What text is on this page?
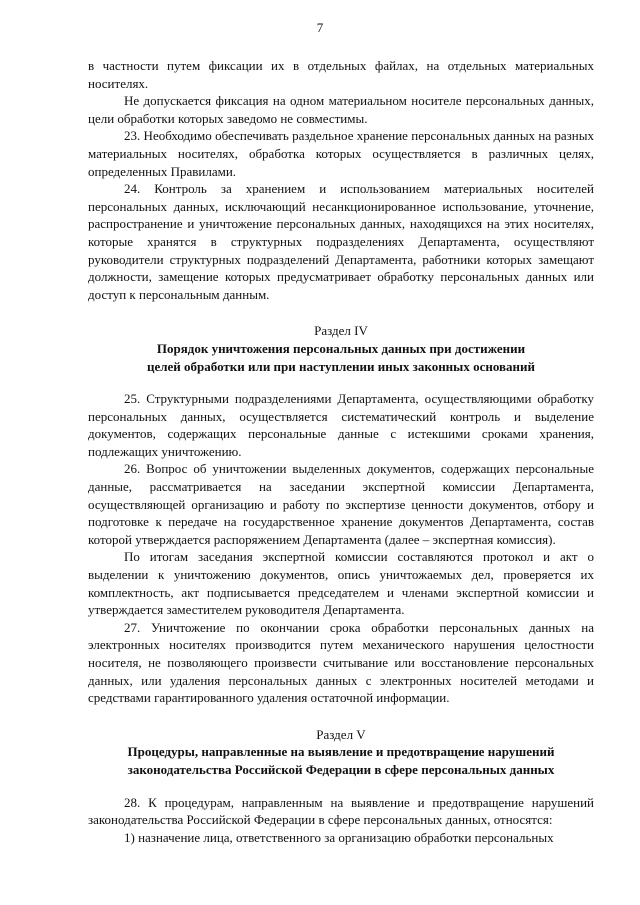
7

в частности путем фиксации их в отдельных файлах, на отдельных материальных носителях.

Не допускается фиксация на одном материальном носителе персональных данных, цели обработки которых заведомо не совместимы.

23. Необходимо обеспечивать раздельное хранение персональных данных на разных материальных носителях, обработка которых осуществляется в различных целях, определенных Правилами.

24. Контроль за хранением и использованием материальных носителей персональных данных, исключающий несанкционированное использование, уточнение, распространение и уничтожение персональных данных, находящихся на этих носителях, которые хранятся в структурных подразделениях Департамента, осуществляют руководители структурных подразделений Департамента, работники которых замещают должности, замещение которых предусматривает обработку персональных данных или доступ к персональным данным.

Раздел IV

Порядок уничтожения персональных данных при достижении

целей обработки или при наступлении иных законных оснований

25. Структурными подразделениями Департамента, осуществляющими обработку персональных данных, осуществляется систематический контроль и выделение документов, содержащих персональные данные с истекшими сроками хранения, подлежащих уничтожению.

26. Вопрос об уничтожении выделенных документов, содержащих персональные данные, рассматривается на заседании экспертной комиссии Департамента, осуществляющей организацию и работу по экспертизе ценности документов, отбору и подготовке к передаче на государственное хранение документов Департамента, состав которой утверждается распоряжением Департамента (далее – экспертная комиссия).

По итогам заседания экспертной комиссии составляются протокол и акт о выделении к уничтожению документов, опись уничтожаемых дел, проверяется их комплектность, акт подписывается председателем и членами экспертной комиссии и утверждается заместителем руководителя Департамента.

27. Уничтожение по окончании срока обработки персональных данных на электронных носителях производится путем механического нарушения целостности носителя, не позволяющего произвести считывание или восстановление персональных данных, или удаления персональных данных с электронных носителей методами и средствами гарантированного удаления остаточной информации.

Раздел V

Процедуры, направленные на выявление и предотвращение нарушений

законодательства Российской Федерации в сфере персональных данных

28. К процедурам, направленным на выявление и предотвращение нарушений законодательства Российской Федерации в сфере персональных данных, относятся:

1) назначение лица, ответственного за организацию обработки персональных
